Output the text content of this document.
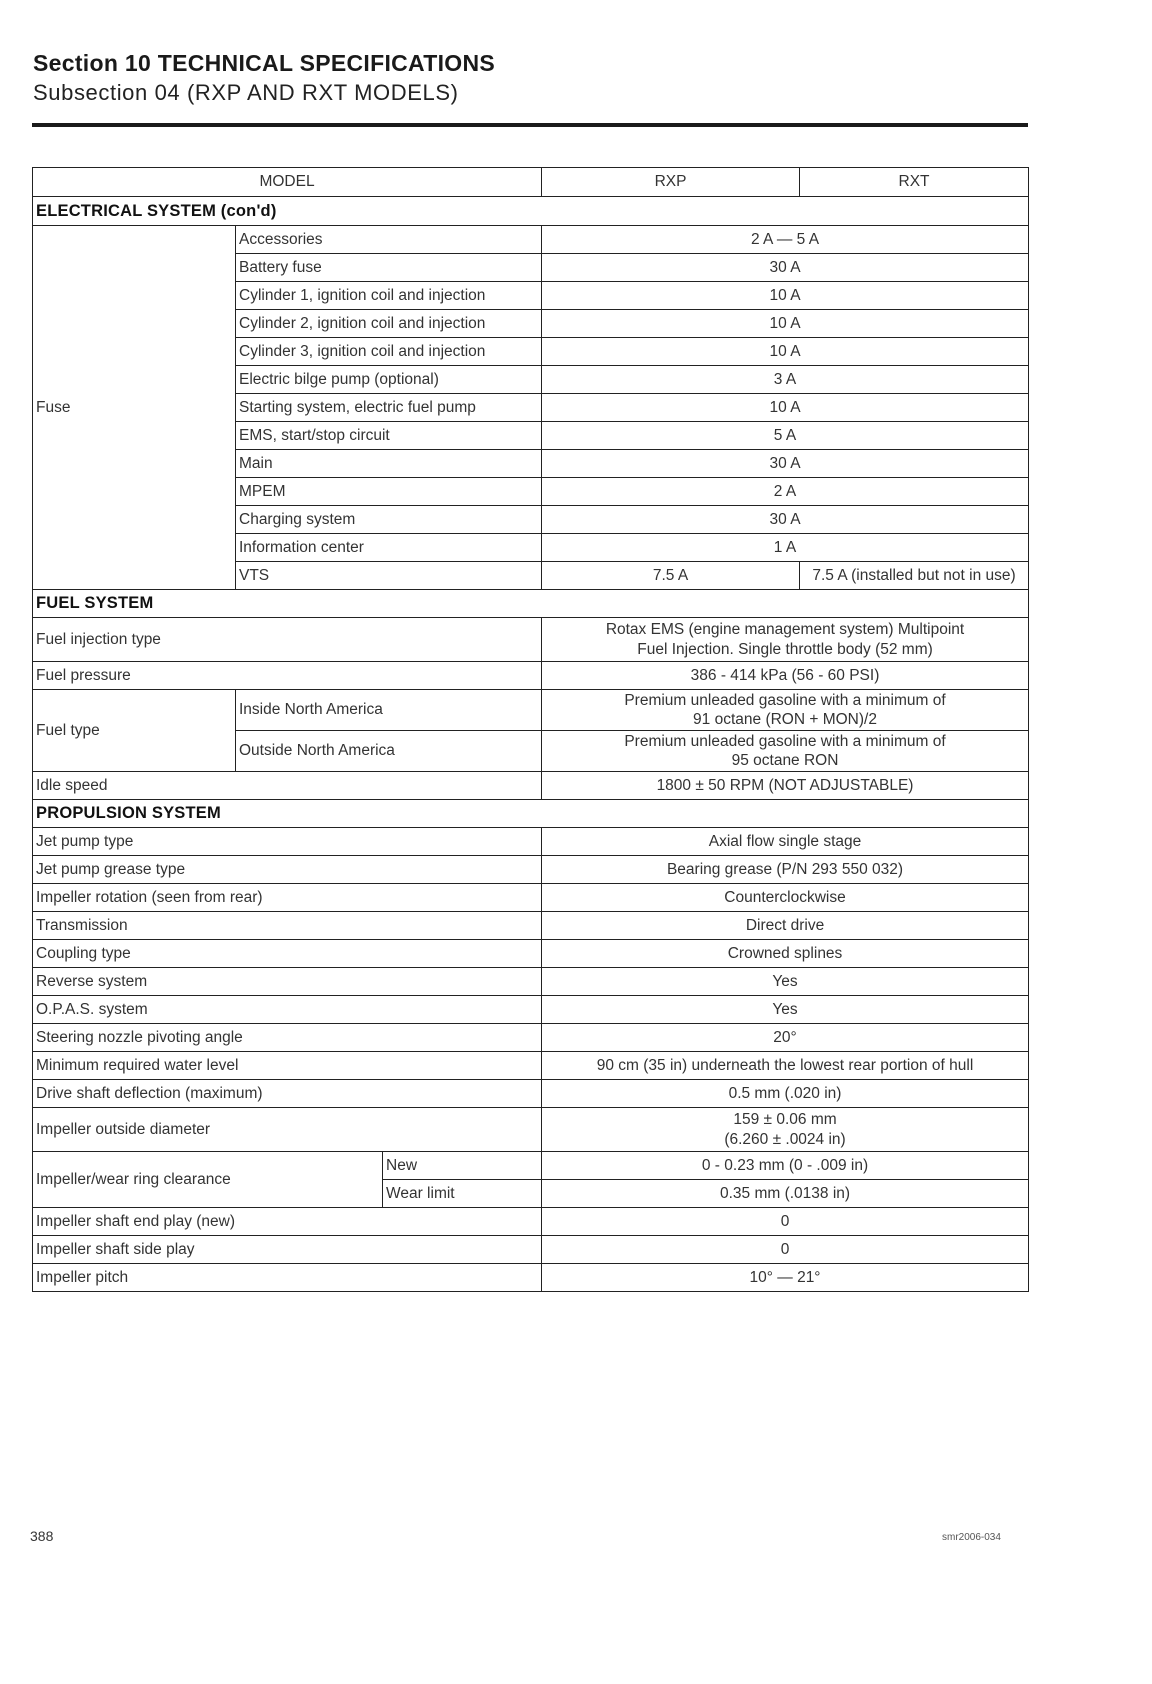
Section 10 TECHNICAL SPECIFICATIONS
Subsection 04 (RXP AND RXT MODELS)
MODEL			RXP	RXT
ELECTRICAL SYSTEM (con'd)				
Fuse	Accessories		2 A — 5 A	
	Battery fuse		30 A	
	Cylinder 1, ignition coil and injection		10 A	
	Cylinder 2, ignition coil and injection		10 A	
	Cylinder 3, ignition coil and injection		10 A	
	Electric bilge pump (optional)		3 A	
	Starting system, electric fuel pump		10 A	
	EMS, start/stop circuit		5 A	
	Main		30 A	
	MPEM		2 A	
	Charging system		30 A	
	Information center		1 A	
	VTS		7.5 A	7.5 A (installed but not in use)
FUEL SYSTEM				
Fuel injection type			Rotax EMS (engine management system) Multipoint
Fuel Injection. Single throttle body (52 mm)	

Fuel pressure			386 - 414 kPa (56 - 60 PSI)	
Fuel type	Inside North America		Premium unleaded gasoline with a minimum of
91 octane (RON + MON)/2	

	Outside North America		Premium unleaded gasoline with a minimum of
95 octane RON	

Idle speed			1800 ± 50 RPM (NOT ADJUSTABLE)	
PROPULSION SYSTEM				
Jet pump type			Axial flow single stage	
Jet pump grease type			Bearing grease (P/N 293 550 032)	
Impeller rotation (seen from rear)			Counterclockwise	
Transmission			Direct drive	
Coupling type			Crowned splines	
Reverse system			Yes	
O.P.A.S. system			Yes	
Steering nozzle pivoting angle			20°	
Minimum required water level			90 cm (35 in) underneath the lowest rear portion of hull	
Drive shaft deflection (maximum)			0.5 mm (.020 in)	
Impeller outside diameter			159 ± 0.06 mm
(6.260 ± .0024 in)	

Impeller/wear ring clearance		New	0 - 0.23 mm (0 - .009 in)	
		Wear limit	0.35 mm (.0138 in)	
Impeller shaft end play (new)			0	
Impeller shaft side play			0	
Impeller pitch			10° — 21°	
388	smr2006-034
